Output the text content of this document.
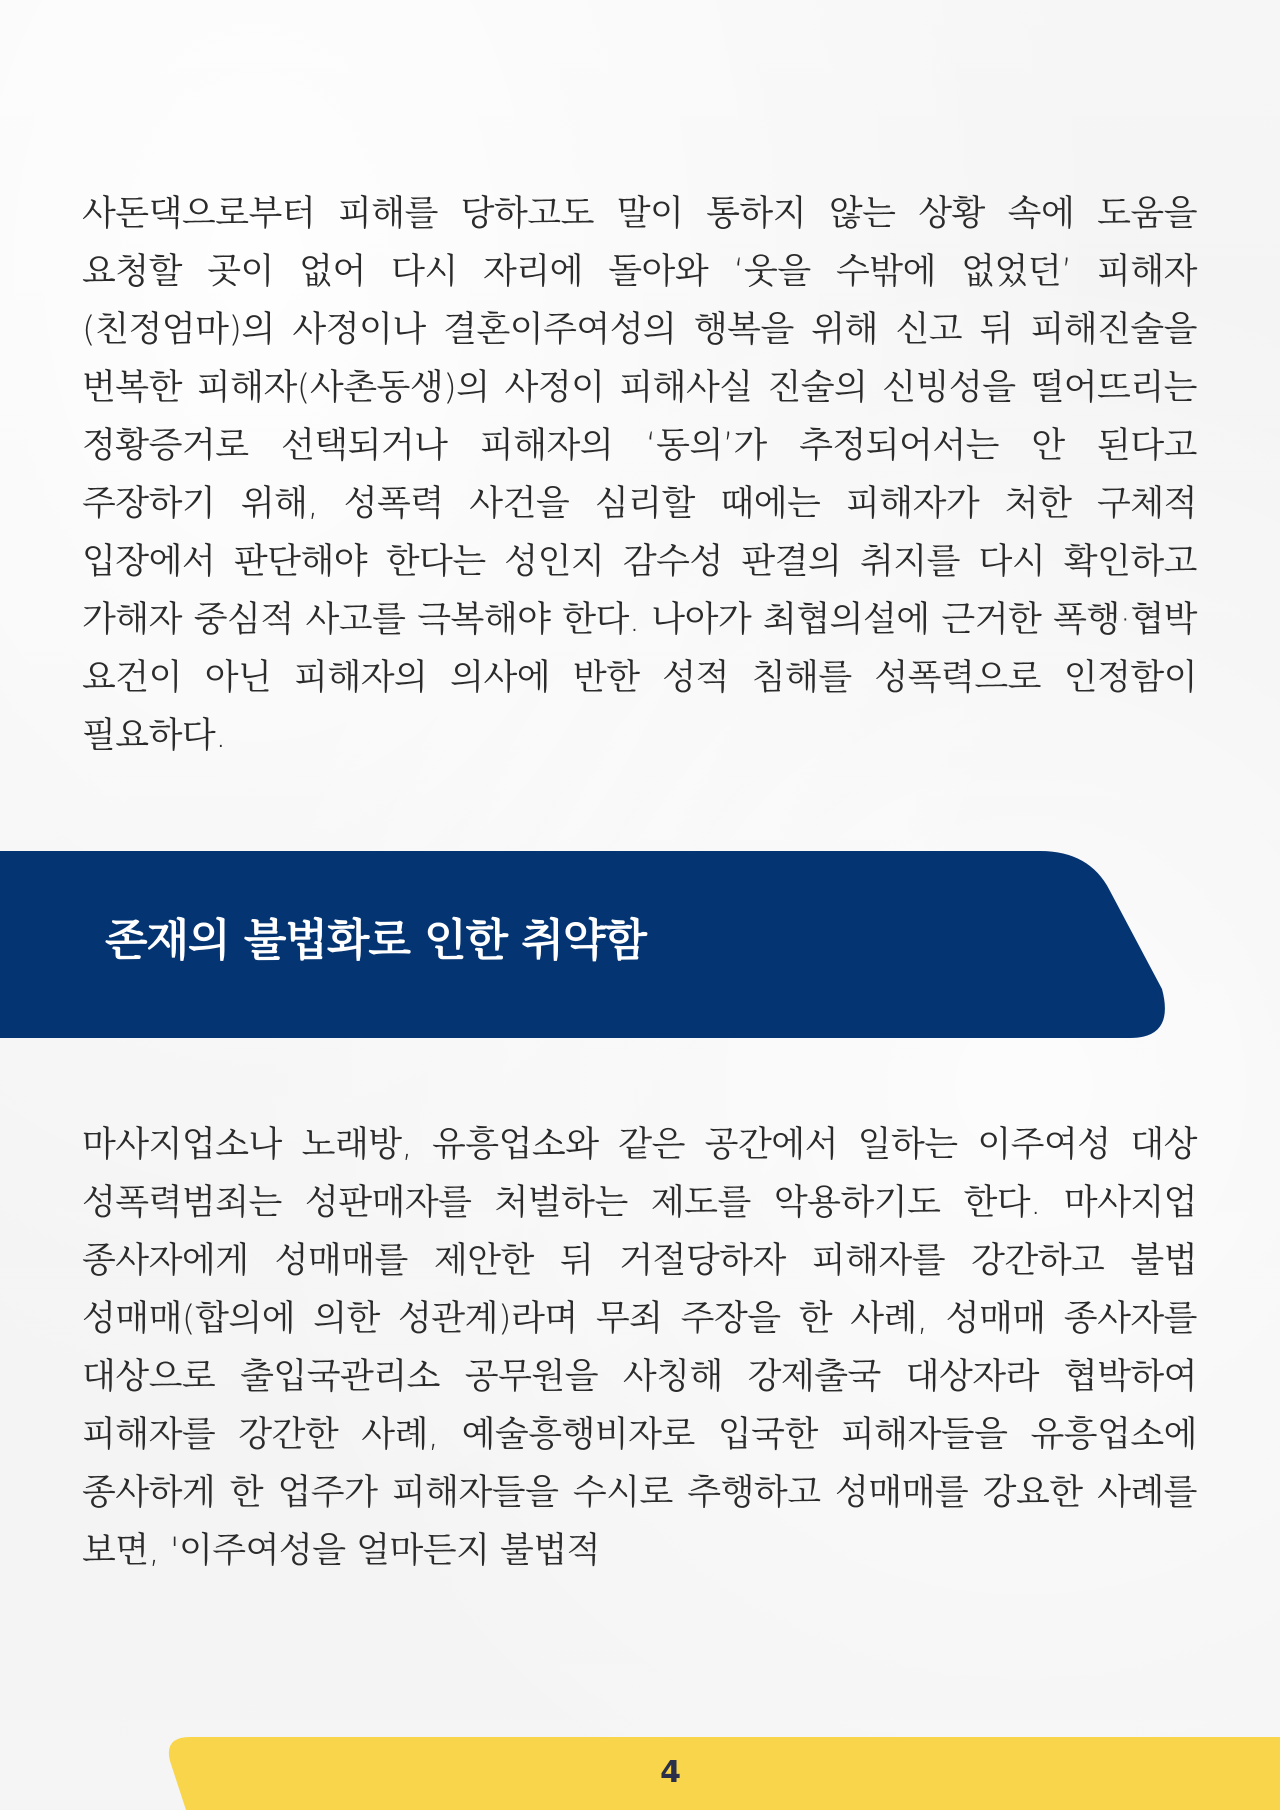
사돈댁으로부터 피해를 당하고도 말이 통하지 않는 상황 속에 도움을 요청할 곳이 없어 다시 자리에 돌아와 ‘웃을 수밖에 없었던’ 피해자(친정엄마)의 사정이나 결혼이주여성의 행복을 위해 신고 뒤 피해진술을 번복한 피해자(사촌동생)의 사정이 피해사실 진술의 신빙성을 떨어뜨리는 정황증거로 선택되거나 피해자의 ‘동의’가 추정되어서는 안 된다고 주장하기 위해, 성폭력 사건을 심리할 때에는 피해자가 처한 구체적 입장에서 판단해야 한다는 성인지 감수성 판결의 취지를 다시 확인하고 가해자 중심적 사고를 극복해야 한다. 나아가 최협의설에 근거한 폭행·협박 요건이 아닌 피해자의 의사에 반한 성적 침해를 성폭력으로 인정함이 필요하다.

존재의 불법화로 인한 취약함

마사지업소나 노래방, 유흥업소와 같은 공간에서 일하는 이주여성 대상 성폭력범죄는 성판매자를 처벌하는 제도를 악용하기도 한다. 마사지업 종사자에게 성매매를 제안한 뒤 거절당하자 피해자를 강간하고 불법 성매매(합의에 의한 성관계)라며 무죄 주장을 한 사례, 성매매 종사자를 대상으로 출입국관리소 공무원을 사칭해 강제출국 대상자라 협박하여 피해자를 강간한 사례, 예술흥행비자로 입국한 피해자들을 유흥업소에 종사하게 한 업주가 피해자들을 수시로 추행하고 성매매를 강요한 사례를 보면, '이주여성을 얼마든지 불법적

4
